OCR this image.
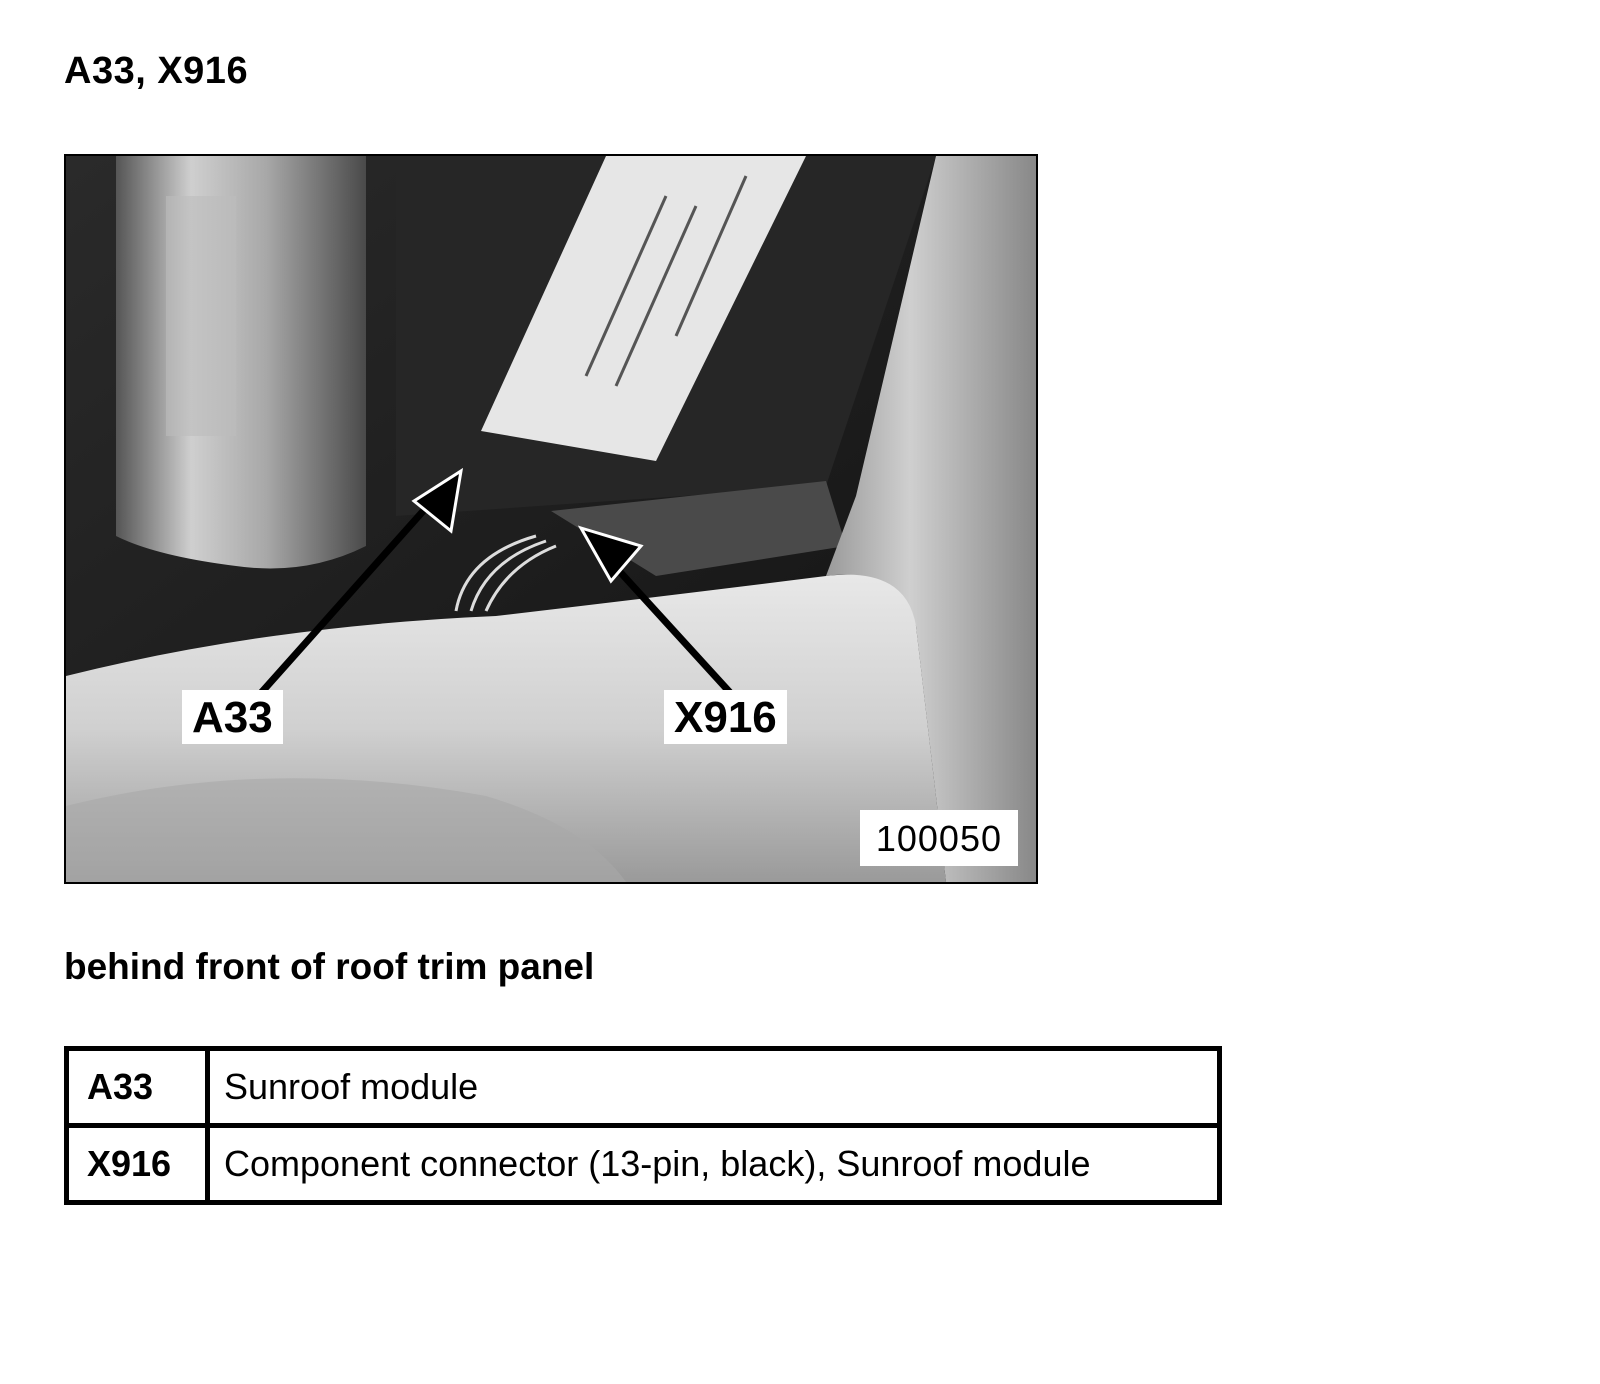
A33, X916
A33	X916
100050
behind front of roof trim panel
A33	Sunroof module
X916	Component connector (13-pin, black), Sunroof module
